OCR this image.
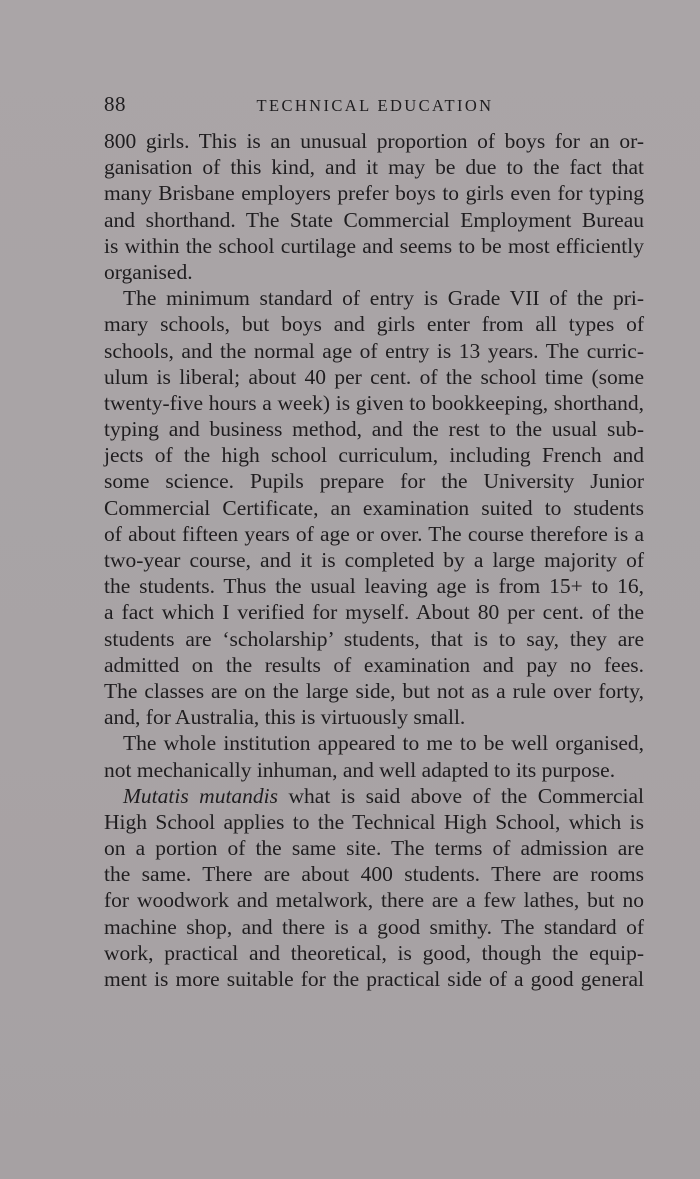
88	TECHNICAL EDUCATION
800 girls. This is an unusual proportion of boys for an or-
ganisation of this kind, and it may be due to the fact that
many Brisbane employers prefer boys to girls even for typing
and shorthand. The State Commercial Employment Bureau
is within the school curtilage and seems to be most efficiently
organised.
The minimum standard of entry is Grade VII of the pri-
mary schools, but boys and girls enter from all types of
schools, and the normal age of entry is 13 years. The curric-
ulum is liberal; about 40 per cent. of the school time (some
twenty-five hours a week) is given to bookkeeping, shorthand,
typing and business method, and the rest to the usual sub-
jects of the high school curriculum, including French and
some science. Pupils prepare for the University Junior
Commercial Certificate, an examination suited to students
of about fifteen years of age or over. The course therefore is a
two-year course, and it is completed by a large majority of
the students. Thus the usual leaving age is from 15+ to 16,
a fact which I verified for myself. About 80 per cent. of the
students are ‘scholarship’ students, that is to say, they are
admitted on the results of examination and pay no fees.
The classes are on the large side, but not as a rule over forty,
and, for Australia, this is virtuously small.
The whole institution appeared to me to be well organised,
not mechanically inhuman, and well adapted to its purpose.
Mutatis mutandis what is said above of the Commercial
High School applies to the Technical High School, which is
on a portion of the same site. The terms of admission are
the same. There are about 400 students. There are rooms
for woodwork and metalwork, there are a few lathes, but no
machine shop, and there is a good smithy. The standard of
work, practical and theoretical, is good, though the equip-
ment is more suitable for the practical side of a good general
